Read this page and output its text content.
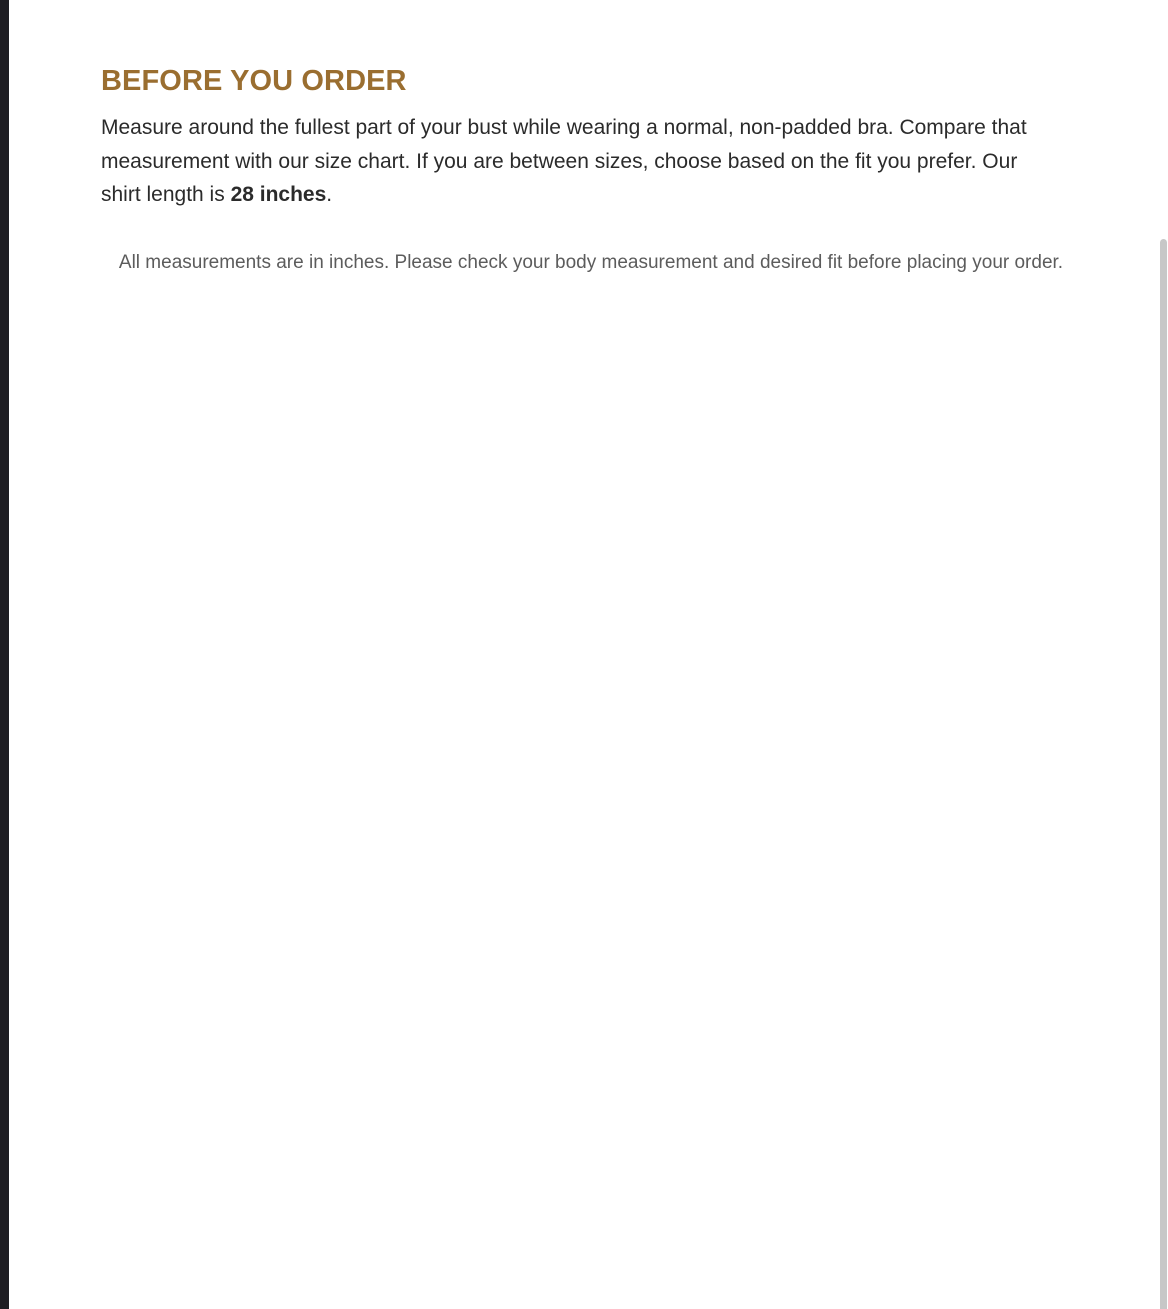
BEFORE YOU ORDER

Measure around the fullest part of your bust while wearing a normal, non-padded bra. Compare that measurement with our size chart. If you are between sizes, choose based on the fit you prefer. Our shirt length is 28 inches.

All measurements are in inches. Please check your body measurement and desired fit before placing your order.
